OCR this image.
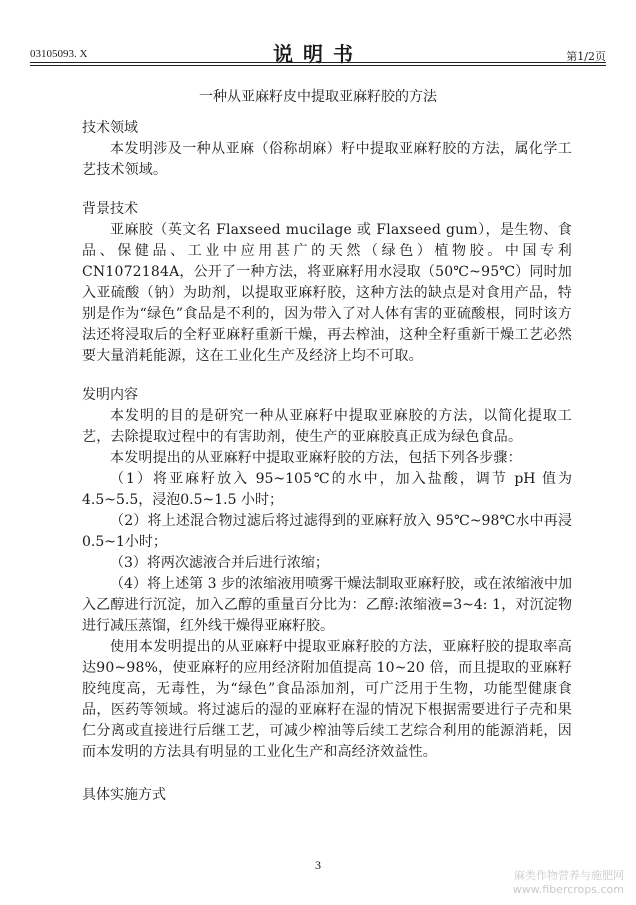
03105093. X	说明书	第1/2页
一种从亚麻籽皮中提取亚麻籽胶的方法

技术领域

本发明涉及一种从亚麻（俗称胡麻）籽中提取亚麻籽胶的方法，属化学工艺技术领域。

背景技术

亚麻胶（英文名 Flaxseed mucilage 或 Flaxseed gum），是生物、食品、保健品、工业中应用甚广的天然（绿色）植物胶。中国专利 CN1072184A，公开了一种方法，将亚麻籽用水浸取（50℃~95℃）同时加入亚硫酸（钠）为助剂，以提取亚麻籽胶，这种方法的缺点是对食用产品，特别是作为“绿色”食品是不利的，因为带入了对人体有害的亚硫酸根，同时该方法还将浸取后的全籽亚麻籽重新干燥，再去榨油，这种全籽重新干燥工艺必然要大量消耗能源，这在工业化生产及经济上均不可取。

发明内容

本发明的目的是研究一种从亚麻籽中提取亚麻胶的方法，以简化提取工艺，去除提取过程中的有害助剂，使生产的亚麻胶真正成为绿色食品。

本发明提出的从亚麻籽中提取亚麻籽胶的方法，包括下列各步骤：

（1）将亚麻籽放入 95~105℃的水中，加入盐酸，调节 pH 值为 4.5~5.5，浸泡0.5~1.5 小时；

（2）将上述混合物过滤后将过滤得到的亚麻籽放入 95℃~98℃水中再浸 0.5~1小时；

（3）将两次滤液合并后进行浓缩；

（4）将上述第 3 步的浓缩液用喷雾干燥法制取亚麻籽胶，或在浓缩液中加入乙醇进行沉淀，加入乙醇的重量百分比为：乙醇:浓缩液=3~4: 1，对沉淀物进行减压蒸馏，红外线干燥得亚麻籽胶。

使用本发明提出的从亚麻籽中提取亚麻籽胶的方法，亚麻籽胶的提取率高达90~98%，使亚麻籽的应用经济附加值提高 10~20 倍，而且提取的亚麻籽胶纯度高，无毒性，为“绿色”食品添加剂，可广泛用于生物，功能型健康食品，医药等领域。将过滤后的湿的亚麻籽在湿的情况下根据需要进行子壳和果仁分离或直接进行后继工艺，可减少榨油等后续工艺综合利用的能源消耗，因而本发明的方法具有明显的工业化生产和高经济效益性。

具体实施方式

3
麻类作物营养与施肥网
www.fibercrops.com
